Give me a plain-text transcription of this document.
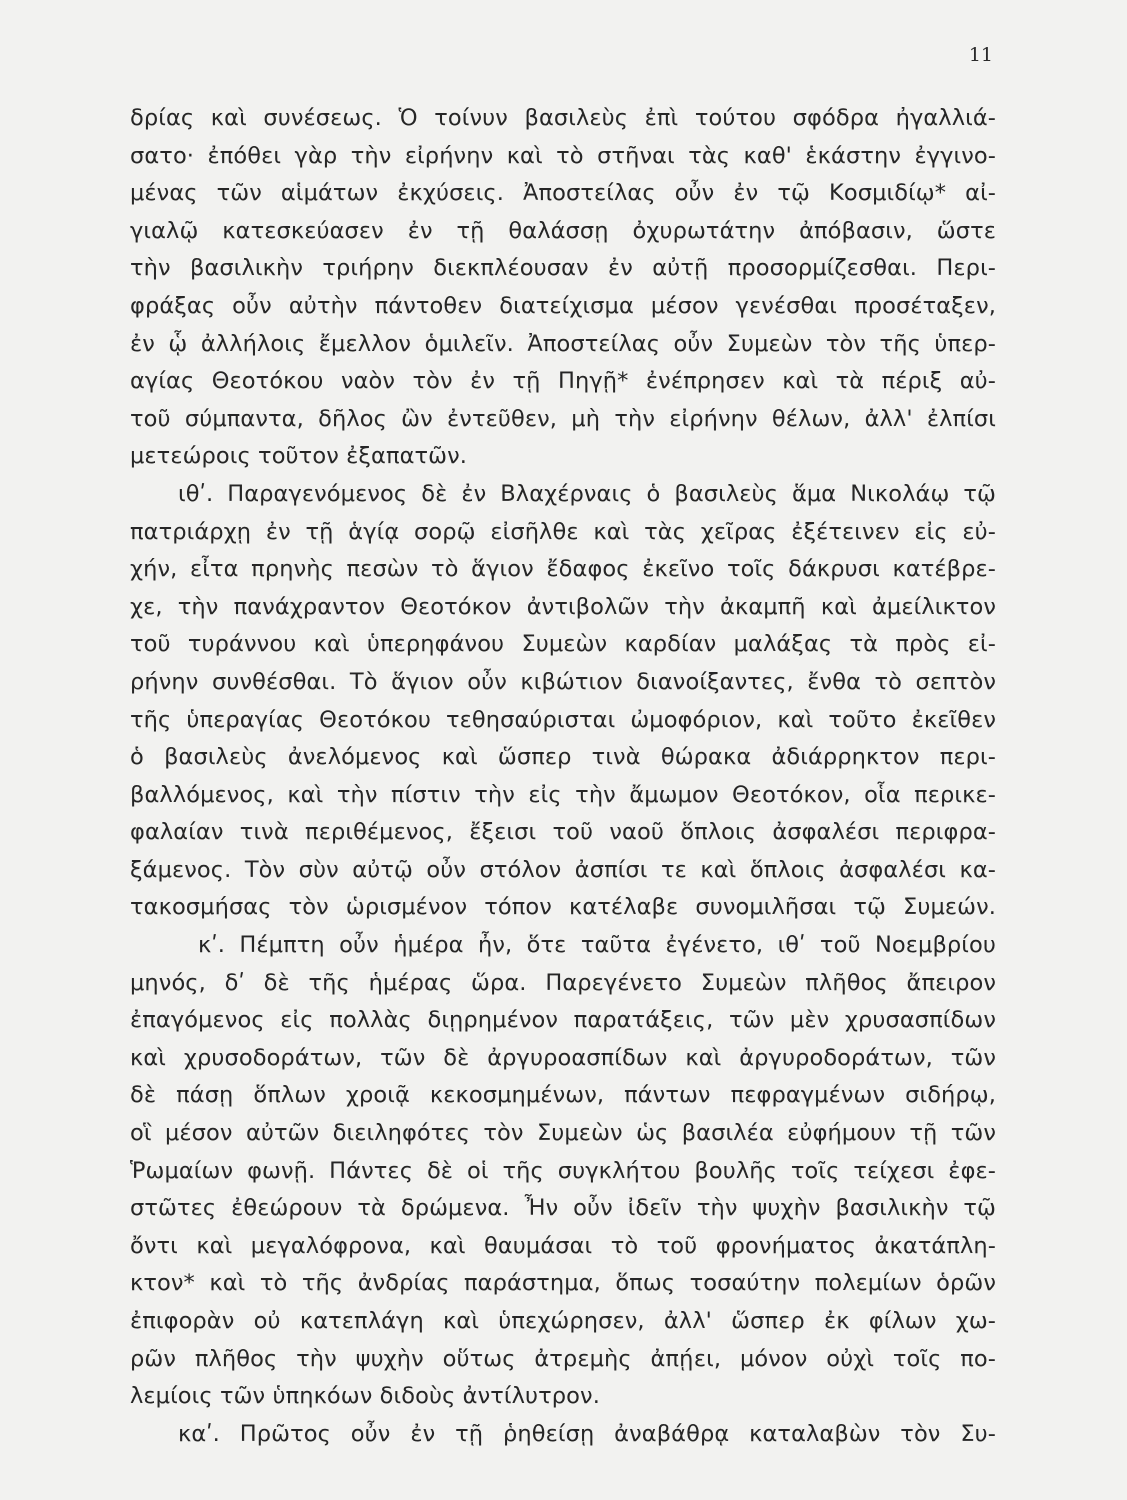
11
δρίας καὶ συνέσεως. Ὁ τοίνυν βασιλεὺς ἐπὶ τούτου σφόδρα ἠγαλλιά-
σατο· ἐπόθει γὰρ τὴν εἰρήνην καὶ τὸ στῆναι τὰς καθ' ἑκάστην ἐγγινο-
μένας τῶν αἱμάτων ἐκχύσεις. Ἀποστείλας οὖν ἐν τῷ Κοσμιδίῳ* αἰ-
γιαλῷ κατεσκεύασεν ἐν τῇ θαλάσσῃ ὀχυρωτάτην ἀπόβασιν, ὥστε
τὴν βασιλικὴν τριήρην διεκπλέουσαν ἐν αὐτῇ προσορμίζεσθαι. Περι-
φράξας οὖν αὐτὴν πάντοθεν διατείχισμα μέσον γενέσθαι προσέταξεν,
ἐν ᾧ ἀλλήλοις ἔμελλον ὁμιλεῖν. Ἀποστείλας οὖν Συμεὼν τὸν τῆς ὑπερ-
αγίας Θεοτόκου ναὸν τὸν ἐν τῇ Πηγῇ* ἐνέπρησεν καὶ τὰ πέριξ αὐ-
τοῦ σύμπαντα, δῆλος ὢν ἐντεῦθεν, μὴ τὴν εἰρήνην θέλων, ἀλλ' ἐλπίσι
μετεώροις τοῦτον ἐξαπατῶν.
ιθʹ. Παραγενόμενος δὲ ἐν Βλαχέρναις ὁ βασιλεὺς ἅμα Νικολάῳ τῷ
πατριάρχῃ ἐν τῇ ἁγίᾳ σορῷ εἰσῆλθε καὶ τὰς χεῖρας ἐξέτεινεν εἰς εὐ-
χήν, εἶτα πρηνὴς πεσὼν τὸ ἅγιον ἔδαφος ἐκεῖνο τοῖς δάκρυσι κατέβρε-
χε, τὴν πανάχραντον Θεοτόκον ἀντιβολῶν τὴν ἀκαμπῆ καὶ ἀμείλικτον
τοῦ τυράννου καὶ ὑπερηφάνου Συμεὼν καρδίαν μαλάξας τὰ πρὸς εἰ-
ρήνην συνθέσθαι. Τὸ ἅγιον οὖν κιβώτιον διανοίξαντες, ἔνθα τὸ σεπτὸν
τῆς ὑπεραγίας Θεοτόκου τεθησαύρισται ὠμοφόριον, καὶ τοῦτο ἐκεῖθεν
ὁ βασιλεὺς ἀνελόμενος καὶ ὥσπερ τινὰ θώρακα ἀδιάρρηκτον περι-
βαλλόμενος, καὶ τὴν πίστιν τὴν εἰς τὴν ἄμωμον Θεοτόκον, οἷα περικε-
φαλαίαν τινὰ περιθέμενος, ἔξεισι τοῦ ναοῦ ὅπλοις ἀσφαλέσι περιφρα-
ξάμενος. Τὸν σὺν αὐτῷ οὖν στόλον ἀσπίσι τε καὶ ὅπλοις ἀσφαλέσι κα-
τακοσμήσας τὸν ὡρισμένον τόπον κατέλαβε συνομιλῆσαι τῷ Συμεών.
κʹ. Πέμπτη οὖν ἡμέρα ἦν, ὅτε ταῦτα ἐγένετο, ιθʹ τοῦ Νοεμβρίου
μηνός, δʹ δὲ τῆς ἡμέρας ὥρα. Παρεγένετο Συμεὼν πλῆθος ἄπειρον
ἐπαγόμενος εἰς πολλὰς διῃρημένον παρατάξεις, τῶν μὲν χρυσασπίδων
καὶ χρυσοδοράτων, τῶν δὲ ἀργυροασπίδων καὶ ἀργυροδοράτων, τῶν
δὲ πάσῃ ὅπλων χροιᾷ κεκοσμημένων, πάντων πεφραγμένων σιδήρῳ,
οἳ μέσον αὐτῶν διειληφότες τὸν Συμεὼν ὡς βασιλέα εὐφήμουν τῇ τῶν
Ῥωμαίων φωνῇ. Πάντες δὲ οἱ τῆς συγκλήτου βουλῆς τοῖς τείχεσι ἐφε-
στῶτες ἐθεώρουν τὰ δρώμενα. Ἦν οὖν ἰδεῖν τὴν ψυχὴν βασιλικὴν τῷ
ὄντι καὶ μεγαλόφρονα, καὶ θαυμάσαι τὸ τοῦ φρονήματος ἀκατάπλη-
κτον* καὶ τὸ τῆς ἀνδρίας παράστημα, ὅπως τοσαύτην πολεμίων ὁρῶν
ἐπιφορὰν οὐ κατεπλάγη καὶ ὑπεχώρησεν, ἀλλ' ὥσπερ ἐκ φίλων χω-
ρῶν πλῆθος τὴν ψυχὴν οὕτως ἀτρεμὴς ἀπῄει, μόνον οὐχὶ τοῖς πο-
λεμίοις τῶν ὑπηκόων διδοὺς ἀντίλυτρον.
καʹ. Πρῶτος οὖν ἐν τῇ ῥηθείσῃ ἀναβάθρᾳ καταλαβὼν τὸν Συ-
